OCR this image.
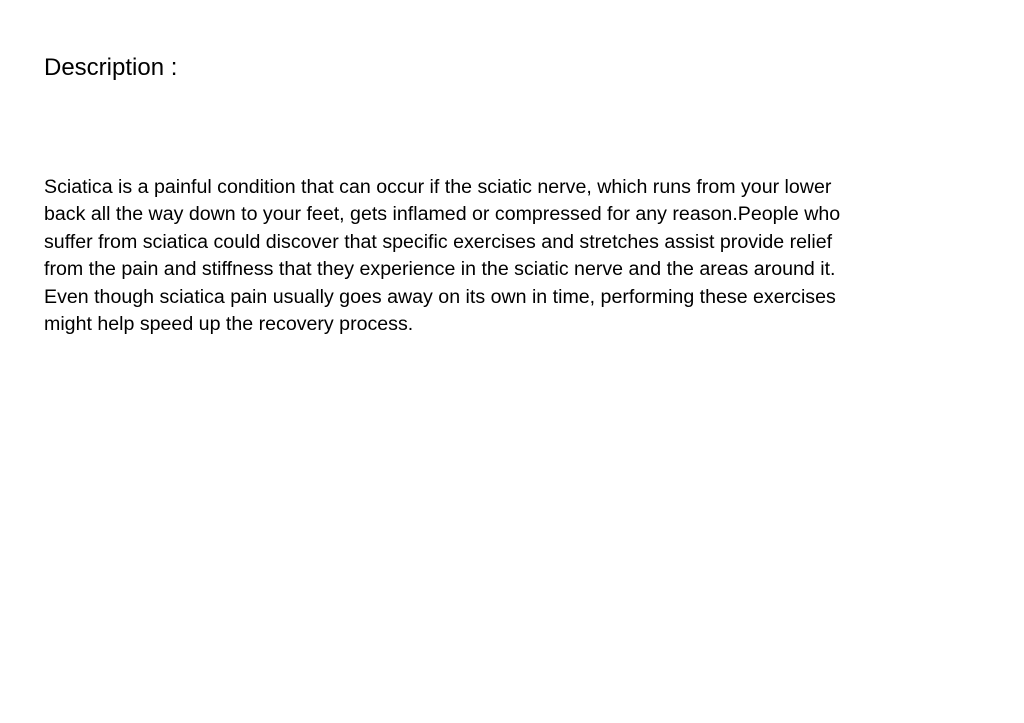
Description :

Sciatica is a painful condition that can occur if the sciatic nerve, which runs from your lower
back all the way down to your feet, gets inflamed or compressed for any reason.People who
suffer from sciatica could discover that specific exercises and stretches assist provide relief
from the pain and stiffness that they experience in the sciatic nerve and the areas around it.
Even though sciatica pain usually goes away on its own in time, performing these exercises
might help speed up the recovery process.
